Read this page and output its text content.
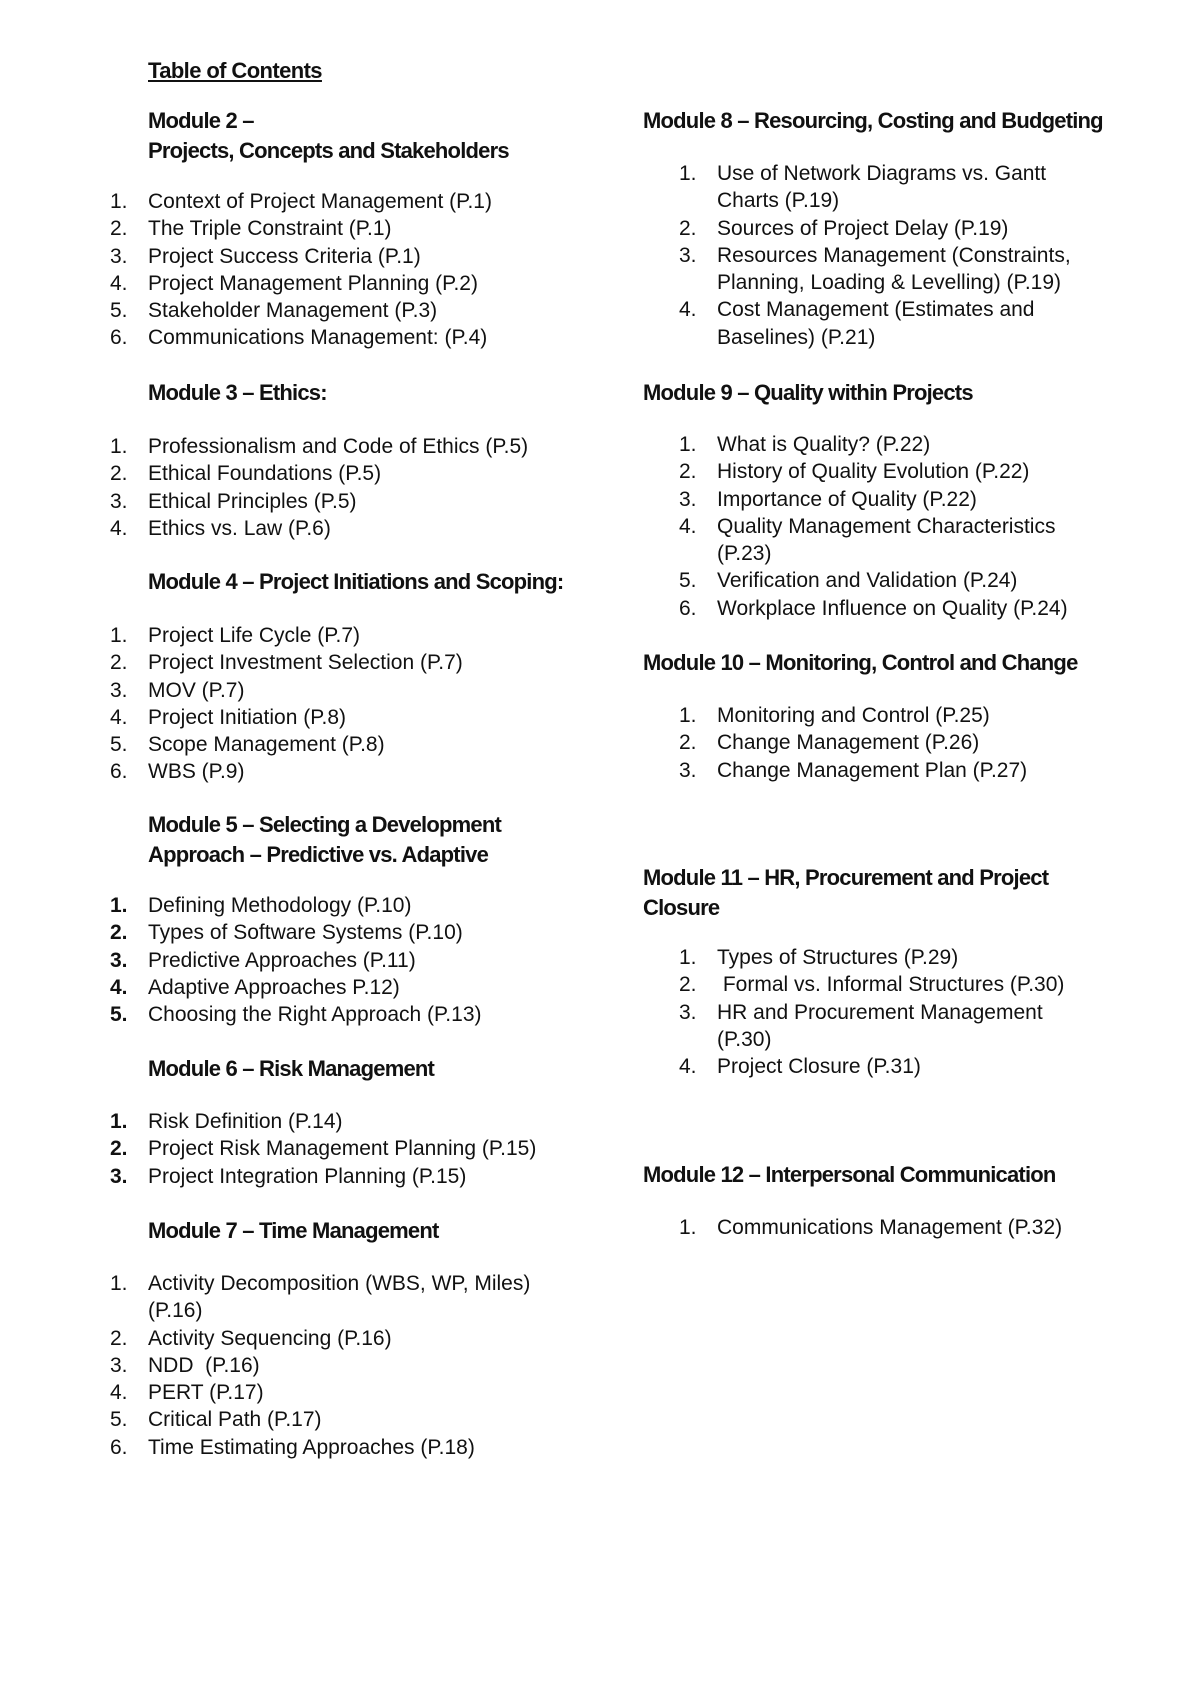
Table of Contents
Module 2 –
Projects, Concepts and Stakeholders
1. Context of Project Management (P.1)
2. The Triple Constraint (P.1)
3. Project Success Criteria (P.1)
4. Project Management Planning (P.2)
5. Stakeholder Management (P.3)
6. Communications Management: (P.4)
Module 3 – Ethics:
1. Professionalism and Code of Ethics (P.5)
2. Ethical Foundations (P.5)
3. Ethical Principles (P.5)
4. Ethics vs. Law (P.6)
Module 4 – Project Initiations and Scoping:
1. Project Life Cycle (P.7)
2. Project Investment Selection (P.7)
3. MOV (P.7)
4. Project Initiation (P.8)
5. Scope Management (P.8)
6. WBS (P.9)
Module 5 – Selecting a Development
Approach – Predictive vs. Adaptive
1. Defining Methodology (P.10)
2. Types of Software Systems (P.10)
3. Predictive Approaches (P.11)
4. Adaptive Approaches P.12)
5. Choosing the Right Approach (P.13)
Module 6 – Risk Management
1. Risk Definition (P.14)
2. Project Risk Management Planning (P.15)
3. Project Integration Planning (P.15)
Module 7 – Time Management
1. Activity Decomposition (WBS, WP, Miles)
(P.16)
2. Activity Sequencing (P.16)
3. NDD  (P.16)
4. PERT (P.17)
5. Critical Path (P.17)
6. Time Estimating Approaches (P.18)
Module 8 – Resourcing, Costing and Budgeting
1. Use of Network Diagrams vs. Gantt
Charts (P.19)
2. Sources of Project Delay (P.19)
3. Resources Management (Constraints,
Planning, Loading & Levelling) (P.19)
4. Cost Management (Estimates and
Baselines) (P.21)
Module 9 – Quality within Projects
1. What is Quality? (P.22)
2. History of Quality Evolution (P.22)
3. Importance of Quality (P.22)
4. Quality Management Characteristics
(P.23)
5. Verification and Validation (P.24)
6. Workplace Influence on Quality (P.24)
Module 10 – Monitoring, Control and Change
1. Monitoring and Control (P.25)
2. Change Management (P.26)
3. Change Management Plan (P.27)
Module 11 – HR, Procurement and Project
Closure
1. Types of Structures (P.29)
2. Formal vs. Informal Structures (P.30)
3. HR and Procurement Management
(P.30)
4. Project Closure (P.31)
Module 12 – Interpersonal Communication
1. Communications Management (P.32)
